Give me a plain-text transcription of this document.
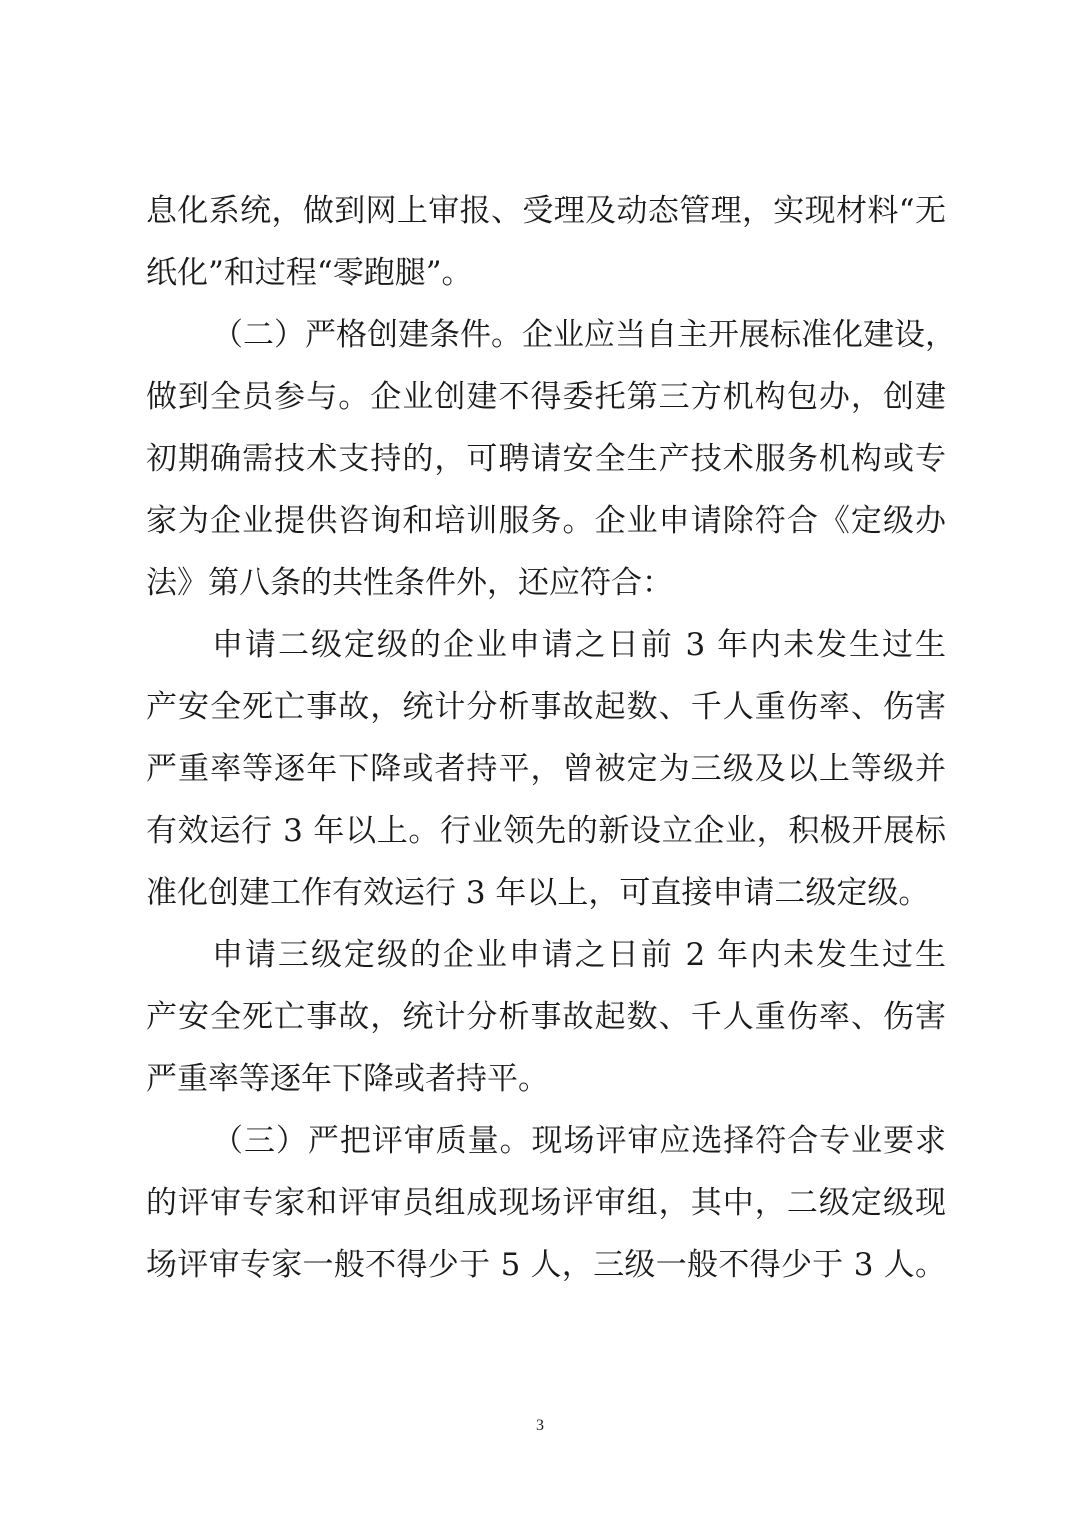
息化系统，做到网上审报、受理及动态管理，实现材料“无
纸化”和过程“零跑腿”。
（二）严格创建条件。企业应当自主开展标准化建设，
做到全员参与。企业创建不得委托第三方机构包办，创建
初期确需技术支持的，可聘请安全生产技术服务机构或专
家为企业提供咨询和培训服务。企业申请除符合《定级办
法》第八条的共性条件外，还应符合：
申请二级定级的企业申请之日前 3 年内未发生过生
产安全死亡事故，统计分析事故起数、千人重伤率、伤害
严重率等逐年下降或者持平，曾被定为三级及以上等级并
有效运行 3 年以上。行业领先的新设立企业，积极开展标
准化创建工作有效运行 3 年以上，可直接申请二级定级。
申请三级定级的企业申请之日前 2 年内未发生过生
产安全死亡事故，统计分析事故起数、千人重伤率、伤害
严重率等逐年下降或者持平。
（三）严把评审质量。现场评审应选择符合专业要求
的评审专家和评审员组成现场评审组，其中，二级定级现
场评审专家一般不得少于 5 人，三级一般不得少于 3 人。
3
